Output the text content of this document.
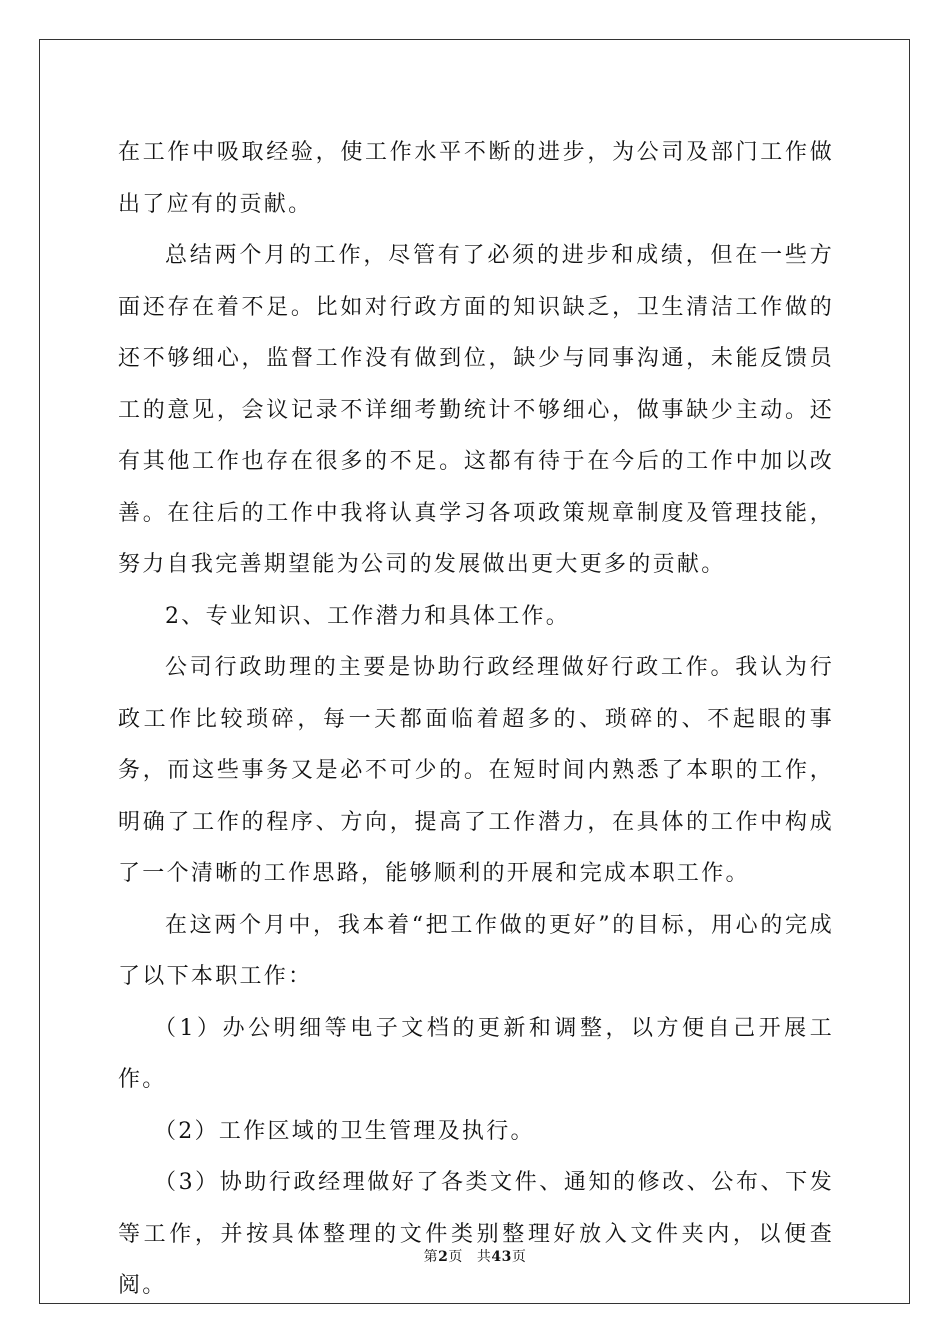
在工作中吸取经验，使工作水平不断的进步，为公司及部门工作做出了应有的贡献。

总结两个月的工作，尽管有了必须的进步和成绩，但在一些方面还存在着不足。比如对行政方面的知识缺乏，卫生清洁工作做的还不够细心，监督工作没有做到位，缺少与同事沟通，未能反馈员工的意见，会议记录不详细考勤统计不够细心，做事缺少主动。还有其他工作也存在很多的不足。这都有待于在今后的工作中加以改善。在往后的工作中我将认真学习各项政策规章制度及管理技能，努力自我完善期望能为公司的发展做出更大更多的贡献。

2、专业知识、工作潜力和具体工作。

公司行政助理的主要是协助行政经理做好行政工作。我认为行政工作比较琐碎，每一天都面临着超多的、琐碎的、不起眼的事务，而这些事务又是必不可少的。在短时间内熟悉了本职的工作，明确了工作的程序、方向，提高了工作潜力，在具体的工作中构成了一个清晰的工作思路，能够顺利的开展和完成本职工作。

在这两个月中，我本着“把工作做的更好”的目标，用心的完成了以下本职工作：

（1）办公明细等电子文档的更新和调整，以方便自己开展工作。

（2）工作区域的卫生管理及执行。

（3）协助行政经理做好了各类文件、通知的修改、公布、下发等工作，并按具体整理的文件类别整理好放入文件夹内，以便查阅。

第2页 共43页
